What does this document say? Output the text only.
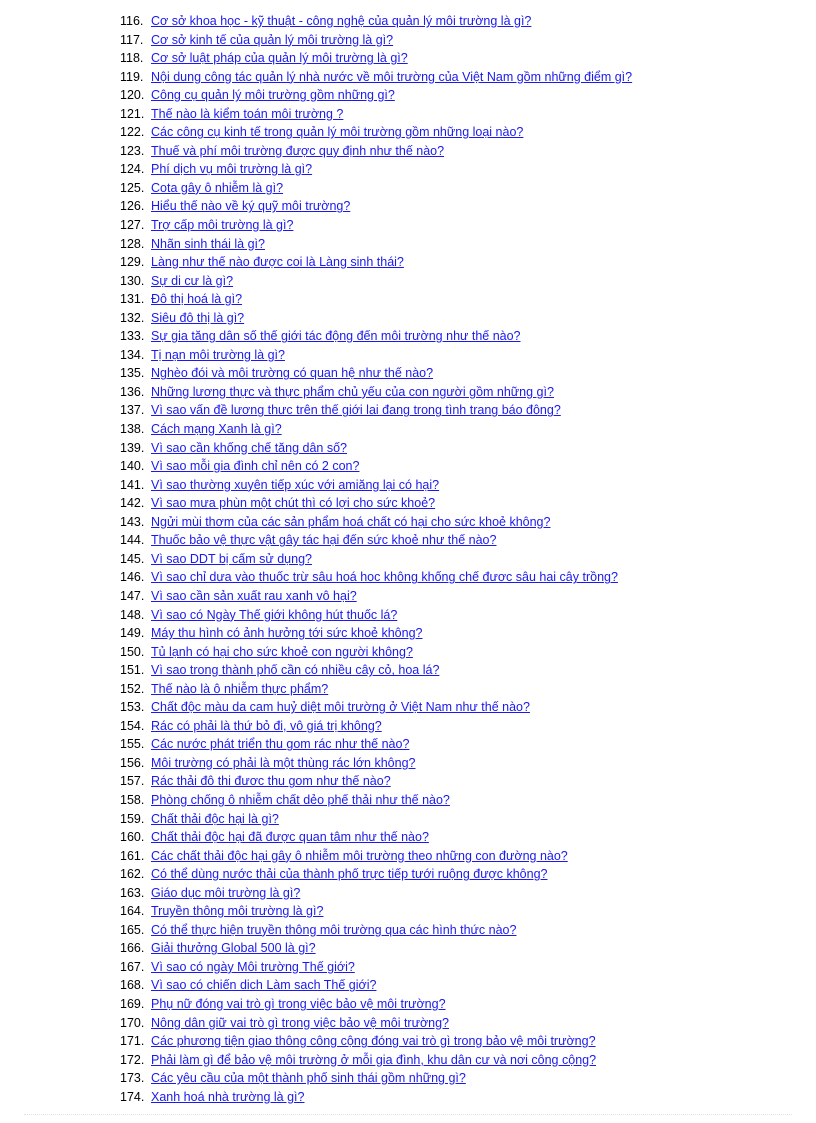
116. Cơ sở khoa học - kỹ thuật - công nghệ của quản lý môi trường là gì?
117. Cơ sở kinh tế của quản lý môi trường là gì?
118. Cơ sở luật pháp của quản lý môi trường là gì?
119. Nội dung công tác quản lý nhà nước về môi trường của Việt Nam gồm những điểm gì?
120. Công cụ quản lý môi trường gồm những gì?
121. Thế nào là kiểm toán môi trường ?
122. Các công cụ kinh tế trong quản lý môi trường gồm những loại nào?
123. Thuế và phí môi trường được quy định như thế nào?
124. Phí dịch vụ môi trường là gì?
125. Cota gây ô nhiễm là gì?
126. Hiểu thế nào về ký quỹ môi trường?
127. Trợ cấp môi trường là gì?
128. Nhãn sinh thái là gì?
129. Làng như thế nào được coi là Làng sinh thái?
130. Sự di cư là gì?
131. Đô thị hoá là gì?
132. Siêu đô thị là gì?
133. Sự gia tăng dân số thế giới tác động đến môi trường như thế nào?
134. Tị nạn môi trường là gì?
135. Nghèo đói và môi trường có quan hệ như thế nào?
136. Những lương thực và thực phẩm chủ yếu của con người gồm những gì?
137. Vì sao vấn đề lương thực trên thế giới lại đang trong tình trạng báo động?
138. Cách mạng Xanh là gì?
139. Vì sao cần khống chế tăng dân số?
140. Vì sao mỗi gia đình chỉ nên có 2 con?
141. Vì sao thường xuyên tiếp xúc với amiăng lại có hại?
142. Vì sao mưa phùn một chút thì có lợi cho sức khoẻ?
143. Ngửi mùi thơm của các sản phẩm hoá chất có hại cho sức khoẻ không?
144. Thuốc bảo vệ thực vật gây tác hại đến sức khoẻ như thế nào?
145. Vì sao DDT bị cấm sử dụng?
146. Vì sao chỉ dựa vào thuốc trừ sâu hoá học không khống chế được sâu hại cây trồng?
147. Vì sao cần sản xuất rau xanh vô hại?
148. Vì sao có Ngày Thế giới không hút thuốc lá?
149. Máy thu hình có ảnh hưởng tới sức khoẻ không?
150. Tủ lạnh có hại cho sức khoẻ con người không?
151. Vì sao trong thành phố cần có nhiều cây cỏ, hoa lá?
152. Thế nào là ô nhiễm thực phẩm?
153. Chất độc màu da cam huỷ diệt môi trường ở Việt Nam như thế nào?
154. Rác có phải là thứ bỏ đi, vô giá trị không?
155. Các nước phát triển thu gom rác như thế nào?
156. Môi trường có phải là một thùng rác lớn không?
157. Rác thải đô thị được thu gom như thế nào?
158. Phòng chống ô nhiễm chất dẻo phế thải như thế nào?
159. Chất thải độc hại là gì?
160. Chất thải độc hại đã được quan tâm như thế nào?
161. Các chất thải độc hại gây ô nhiễm môi trường theo những con đường nào?
162. Có thể dùng nước thải của thành phố trực tiếp tưới ruộng được không?
163. Giáo dục môi trường là gì?
164. Truyền thông môi trường là gì?
165. Có thể thực hiện truyền thông môi trường qua các hình thức nào?
166. Giải thưởng Global 500 là gì?
167. Vì sao có ngày Môi trường Thế giới?
168. Vì sao có chiến dịch Làm sạch Thế giới?
169. Phụ nữ đóng vai trò gì trong việc bảo vệ môi trường?
170. Nông dân giữ vai trò gì trong việc bảo vệ môi trường?
171. Các phương tiện giao thông công cộng đóng vai trò gì trong bảo vệ môi trường?
172. Phải làm gì để bảo vệ môi trường ở mỗi gia đình, khu dân cư và nơi công cộng?
173. Các yêu cầu của một thành phố sinh thái gồm những gì?
174. Xanh hoá nhà trường là gì?
